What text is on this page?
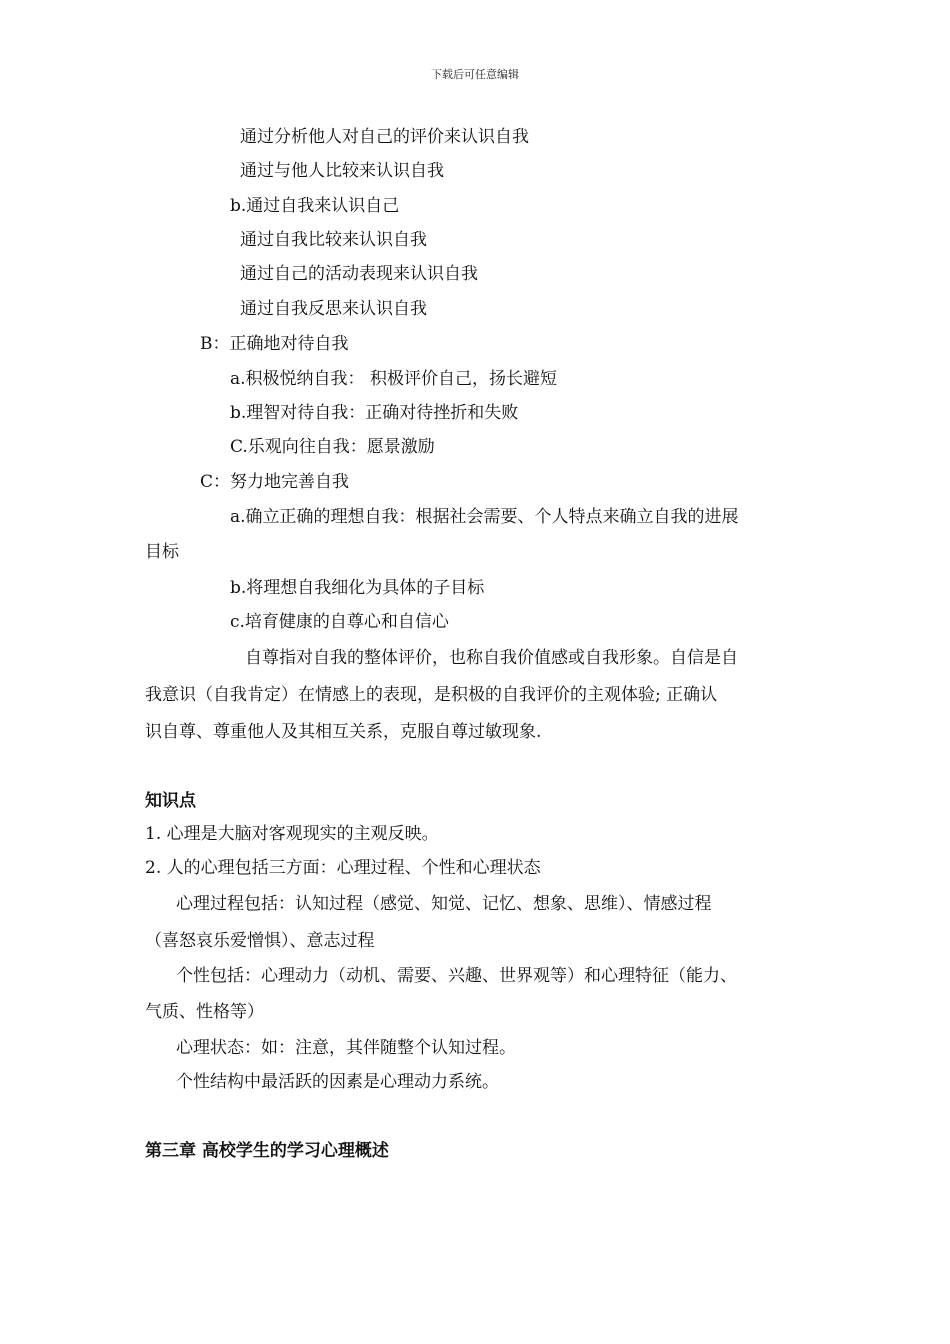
下载后可任意编辑
通过分析他人对自己的评价来认识自我
通过与他人比较来认识自我
b.通过自我来认识自己
通过自我比较来认识自我
通过自己的活动表现来认识自我
通过自我反思来认识自我
B：正确地对待自我
a.积极悦纳自我： 积极评价自己，扬长避短
b.理智对待自我：正确对待挫折和失败
C.乐观向往自我：愿景激励
C：努力地完善自我
a.确立正确的理想自我：根据社会需要、个人特点来确立自我的进展
目标
b.将理想自我细化为具体的子目标
c.培育健康的自尊心和自信心
自尊指对自我的整体评价，也称自我价值感或自我形象。自信是自
我意识（自我肯定）在情感上的表现，是积极的自我评价的主观体验; 正确认
识自尊、尊重他人及其相互关系，克服自尊过敏现象.
知识点
1. 心理是大脑对客观现实的主观反映。
2. 人的心理包括三方面：心理过程、个性和心理状态
心理过程包括：认知过程（感觉、知觉、记忆、想象、思维）、情感过程
（喜怒哀乐爱憎惧）、意志过程
个性包括：心理动力（动机、需要、兴趣、世界观等）和心理特征（能力、
气质、性格等）
心理状态：如：注意，其伴随整个认知过程。
个性结构中最活跃的因素是心理动力系统。
第三章 高校学生的学习心理概述
